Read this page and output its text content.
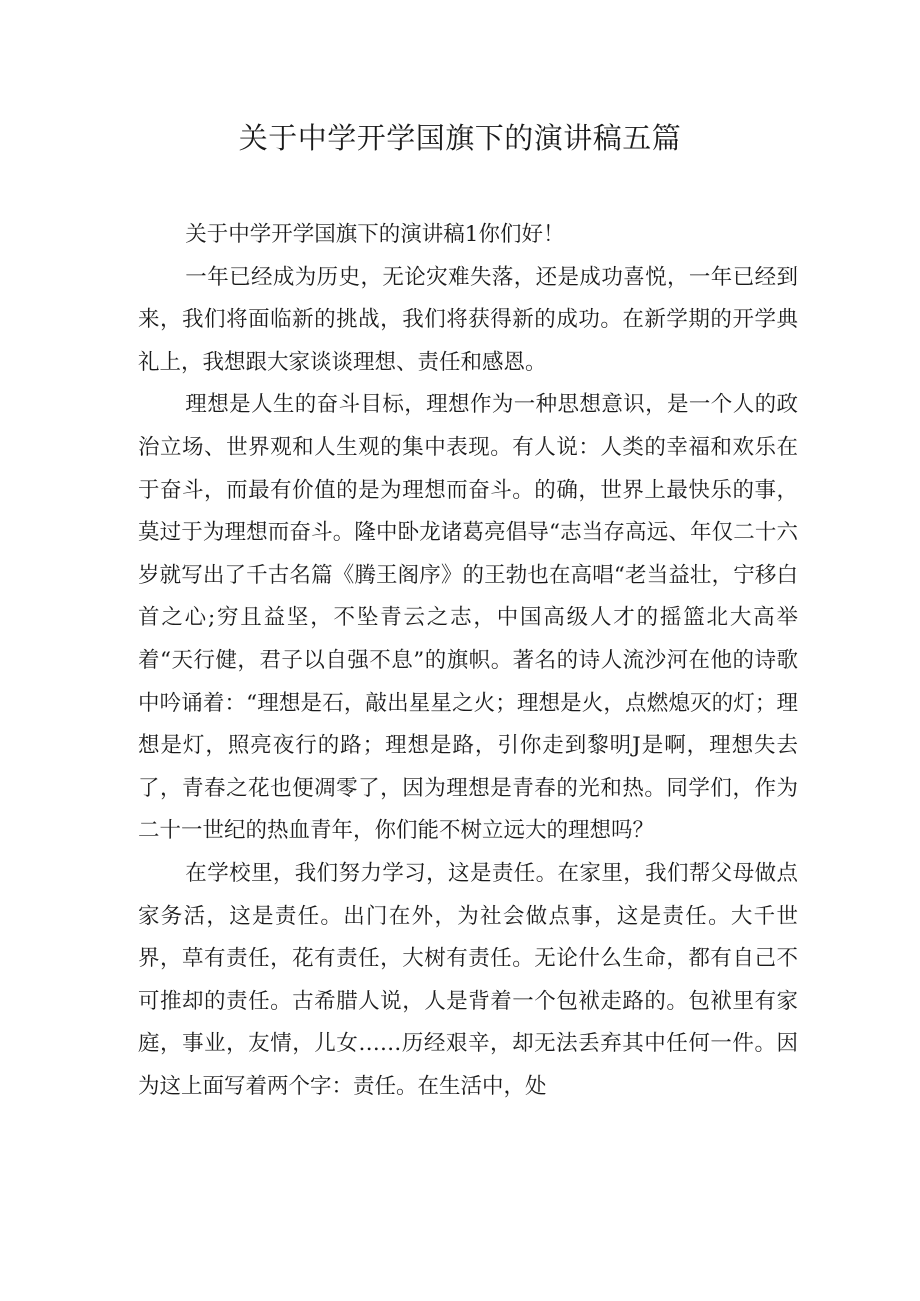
关于中学开学国旗下的演讲稿五篇

关于中学开学国旗下的演讲稿1你们好！

一年已经成为历史，无论灾难失落，还是成功喜悦，一年已经到来，我们将面临新的挑战，我们将获得新的成功。在新学期的开学典礼上，我想跟大家谈谈理想、责任和感恩。

理想是人生的奋斗目标，理想作为一种思想意识，是一个人的政治立场、世界观和人生观的集中表现。有人说：人类的幸福和欢乐在于奋斗，而最有价值的是为理想而奋斗。的确，世界上最快乐的事，莫过于为理想而奋斗。隆中卧龙诸葛亮倡导“志当存高远、年仅二十六岁就写出了千古名篇《腾王阁序》的王勃也在高唱“老当益壮，宁移白首之心;穷且益坚，不坠青云之志，中国高级人才的摇篮北大高举着“天行健，君子以自强不息”的旗帜。著名的诗人流沙河在他的诗歌中吟诵着：“理想是石，敲出星星之火；理想是火，点燃熄灭的灯；理想是灯，照亮夜行的路；理想是路，引你走到黎明J是啊，理想失去了，青春之花也便凋零了，因为理想是青春的光和热。同学们，作为二十一世纪的热血青年，你们能不树立远大的理想吗？

在学校里，我们努力学习，这是责任。在家里，我们帮父母做点家务活，这是责任。出门在外，为社会做点事，这是责任。大千世界，草有责任，花有责任，大树有责任。无论什么生命，都有自己不可推却的责任。古希腊人说，人是背着一个包袱走路的。包袱里有家庭，事业，友情，儿女……历经艰辛，却无法丢弃其中任何一件。因为这上面写着两个字：责任。在生活中，处
